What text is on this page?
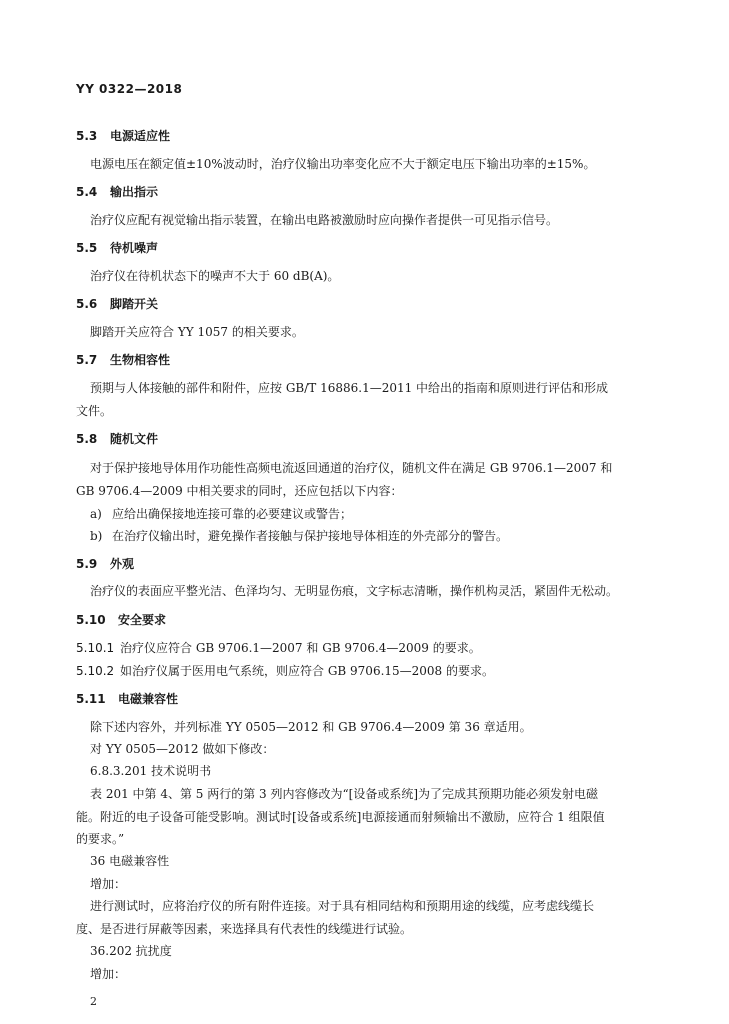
YY 0322—2018
5.3 电源适应性
电源电压在额定值±10%波动时，治疗仪输出功率变化应不大于额定电压下输出功率的±15%。
5.4 输出指示
治疗仪应配有视觉输出指示装置，在输出电路被激励时应向操作者提供一可见指示信号。
5.5 待机噪声
治疗仪在待机状态下的噪声不大于 60 dB(A)。
5.6 脚踏开关
脚踏开关应符合 YY 1057 的相关要求。
5.7 生物相容性
预期与人体接触的部件和附件，应按 GB/T 16886.1—2011 中给出的指南和原则进行评估和形成
文件。
5.8 随机文件
对于保护接地导体用作功能性高频电流返回通道的治疗仪，随机文件在满足 GB 9706.1—2007 和
GB 9706.4—2009 中相关要求的同时，还应包括以下内容：
a) 应给出确保接地连接可靠的必要建议或警告；
b) 在治疗仪输出时，避免操作者接触与保护接地导体相连的外壳部分的警告。
5.9 外观
治疗仪的表面应平整光洁、色泽均匀、无明显伤痕，文字标志清晰，操作机构灵活，紧固件无松动。
5.10 安全要求
5.10.1 治疗仪应符合 GB 9706.1—2007 和 GB 9706.4—2009 的要求。
5.10.2 如治疗仪属于医用电气系统，则应符合 GB 9706.15—2008 的要求。
5.11 电磁兼容性
除下述内容外，并列标准 YY 0505—2012 和 GB 9706.4—2009 第 36 章适用。
对 YY 0505—2012 做如下修改：
6.8.3.201 技术说明书
表 201 中第 4、第 5 两行的第 3 列内容修改为“[设备或系统]为了完成其预期功能必须发射电磁
能。附近的电子设备可能受影响。测试时[设备或系统]电源接通而射频输出不激励，应符合 1 组限值
的要求。”
36 电磁兼容性
增加：
进行测试时，应将治疗仪的所有附件连接。对于具有相同结构和预期用途的线缆，应考虑线缆长
度、是否进行屏蔽等因素，来选择具有代表性的线缆进行试验。
36.202 抗扰度
增加：
2
